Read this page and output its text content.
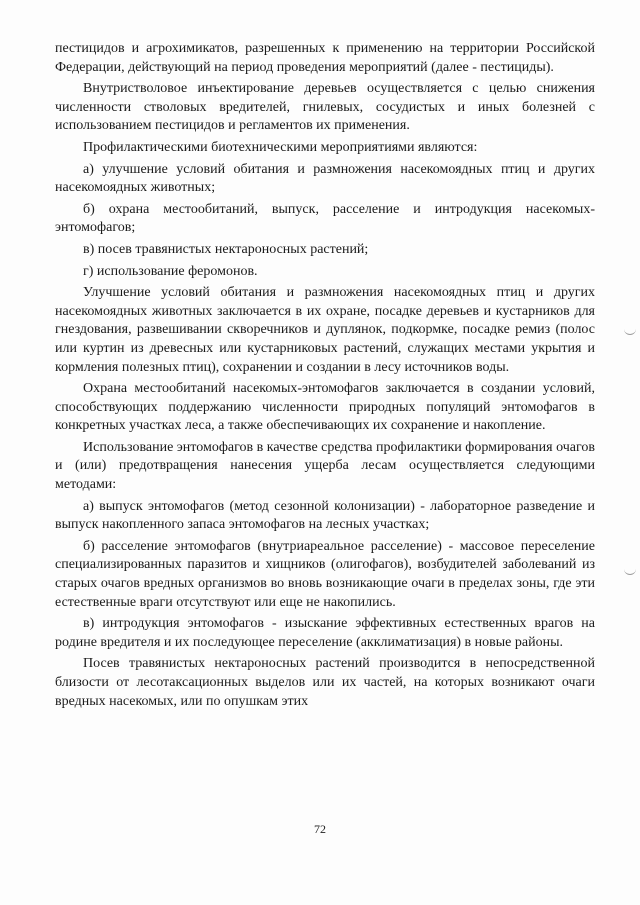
пестицидов и агрохимикатов, разрешенных к применению на территории Российской Федерации, действующий на период проведения мероприятий (далее - пестициды).

Внутристволовое инъектирование деревьев осуществляется с целью снижения численности стволовых вредителей, гнилевых, сосудистых и иных болезней с использованием пестицидов и регламентов их применения.

Профилактическими биотехническими мероприятиями являются:

а) улучшение условий обитания и размножения насекомоядных птиц и других насекомоядных животных;

б) охрана местообитаний, выпуск, расселение и интродукция насекомых-энтомофагов;

в) посев травянистых нектароносных растений;

г) использование феромонов.

Улучшение условий обитания и размножения насекомоядных птиц и других насекомоядных животных заключается в их охране, посадке деревьев и кустарников для гнездования, развешивании скворечников и дуплянок, подкормке, посадке ремиз (полос или куртин из древесных или кустарниковых растений, служащих местами укрытия и кормления полезных птиц), сохранении и создании в лесу источников воды.

Охрана местообитаний насекомых-энтомофагов заключается в создании условий, способствующих поддержанию численности природных популяций энтомофагов в конкретных участках леса, а также обеспечивающих их сохранение и накопление.

Использование энтомофагов в качестве средства профилактики формирования очагов и (или) предотвращения нанесения ущерба лесам осуществляется следующими методами:

а) выпуск энтомофагов (метод сезонной колонизации) - лабораторное разведение и выпуск накопленного запаса энтомофагов на лесных участках;

б) расселение энтомофагов (внутриареальное расселение) - массовое переселение специализированных паразитов и хищников (олигофагов), возбудителей заболеваний из старых очагов вредных организмов во вновь возникающие очаги в пределах зоны, где эти естественные враги отсутствуют или еще не накопились.

в) интродукция энтомофагов - изыскание эффективных естественных врагов на родине вредителя и их последующее переселение (акклиматизация) в новые районы.

Посев травянистых нектароносных растений производится в непосредственной близости от лесотаксационных выделов или их частей, на которых возникают очаги вредных насекомых, или по опушкам этих

72
